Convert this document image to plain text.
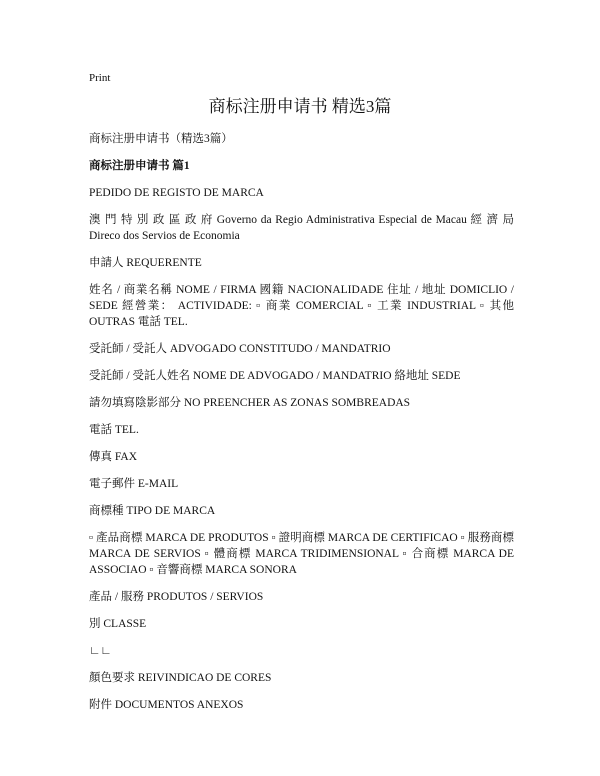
Print
商标注册申请书 精选3篇

商标注册申请书（精选3篇）

商标注册申请书 篇1

PEDIDO DE REGISTO DE MARCA

澳 門 特 別 政 區 政 府 Governo da Regio Administrativa Especial de Macau 經 濟 局 Direco dos Servios de Economia

申請人 REQUERENTE

姓名 / 商業名稱 NOME / FIRMA 國籍 NACIONALIDADE 住址 / 地址 DOMICLIO / SEDE 經營業： ACTIVIDADE: ▫ 商業 COMERCIAL ▫ 工業 INDUSTRIAL ▫ 其他 OUTRAS 電話 TEL.

受託師 / 受託人 ADVOGADO CONSTITUDO / MANDATRIO

受託師 / 受託人姓名 NOME DE ADVOGADO / MANDATRIO 絡地址 SEDE

請勿填寫陰影部分 NO PREENCHER AS ZONAS SOMBREADAS

電話 TEL.

傳真 FAX

電子郵件 E-MAIL

商標種 TIPO DE MARCA

▫ 產品商標 MARCA DE PRODUTOS ▫ 證明商標 MARCA DE CERTIFICAO ▫ 服務商標 MARCA DE SERVIOS ▫ 體商標 MARCA TRIDIMENSIONAL ▫ 合商標 MARCA DE ASSOCIAO ▫ 音響商標 MARCA SONORA

產品 / 服務 PRODUTOS / SERVIOS

別 CLASSE

∟∟

顏色要求 REIVINDICAO DE CORES

附件 DOCUMENTOS ANEXOS
